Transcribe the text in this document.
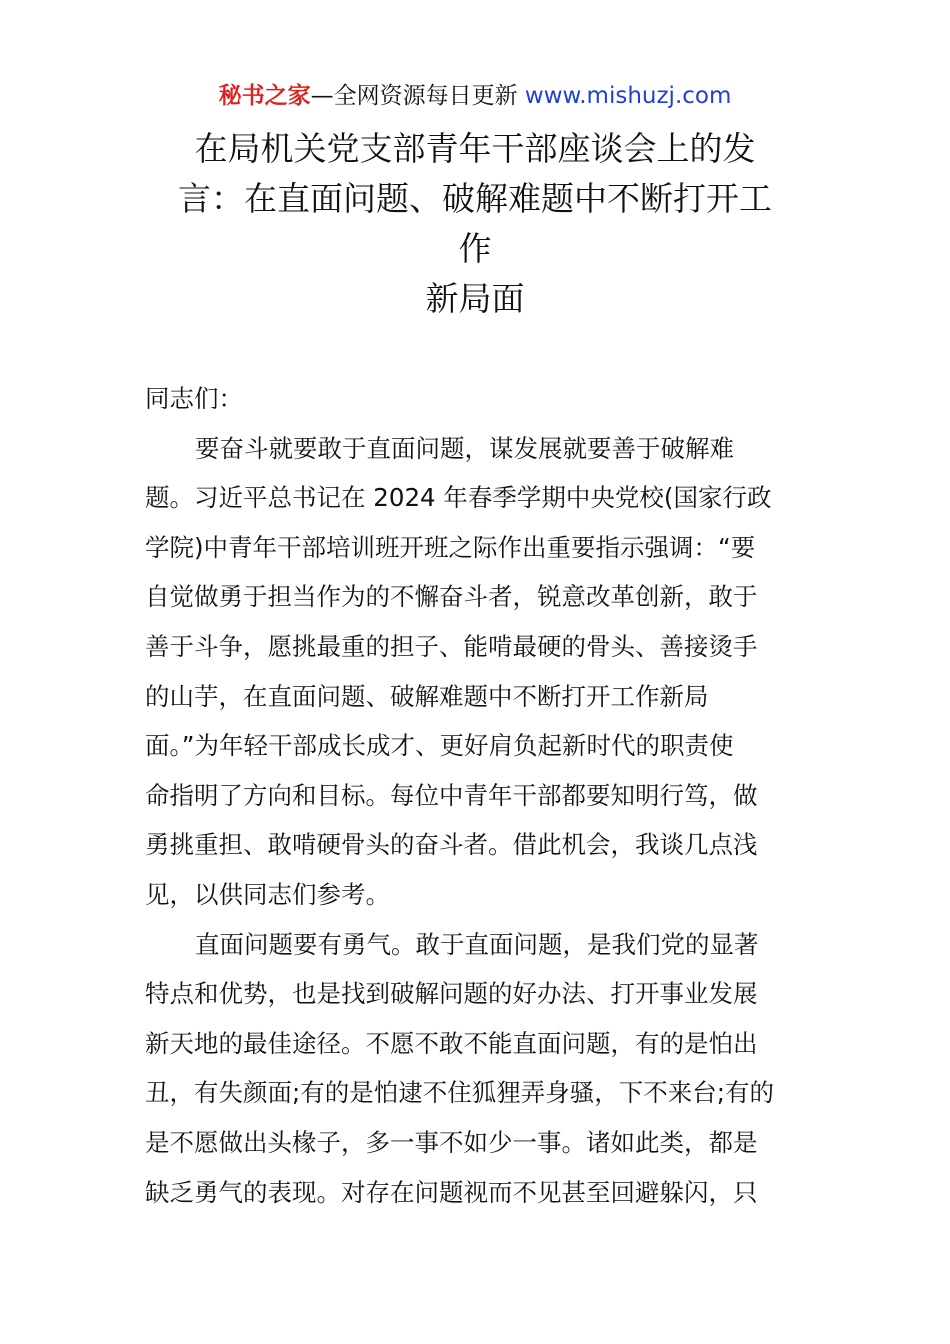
秘书之家—全网资源每日更新 www.mishuzj.com
在局机关党支部青年干部座谈会上的发
言：在直面问题、破解难题中不断打开工
作
新局面
同志们：
要奋斗就要敢于直面问题，谋发展就要善于破解难
题。习近平总书记在 2024 年春季学期中央党校(国家行政
学院)中青年干部培训班开班之际作出重要指示强调：“要
自觉做勇于担当作为的不懈奋斗者，锐意改革创新，敢于
善于斗争，愿挑最重的担子、能啃最硬的骨头、善接烫手
的山芋，在直面问题、破解难题中不断打开工作新局
面。”为年轻干部成长成才、更好肩负起新时代的职责使
命指明了方向和目标。每位中青年干部都要知明行笃，做
勇挑重担、敢啃硬骨头的奋斗者。借此机会，我谈几点浅
见，以供同志们参考。
直面问题要有勇气。敢于直面问题，是我们党的显著
特点和优势，也是找到破解问题的好办法、打开事业发展
新天地的最佳途径。不愿不敢不能直面问题，有的是怕出
丑，有失颜面;有的是怕逮不住狐狸弄身骚，下不来台;有的
是不愿做出头椽子，多一事不如少一事。诸如此类，都是
缺乏勇气的表现。对存在问题视而不见甚至回避躲闪，只
